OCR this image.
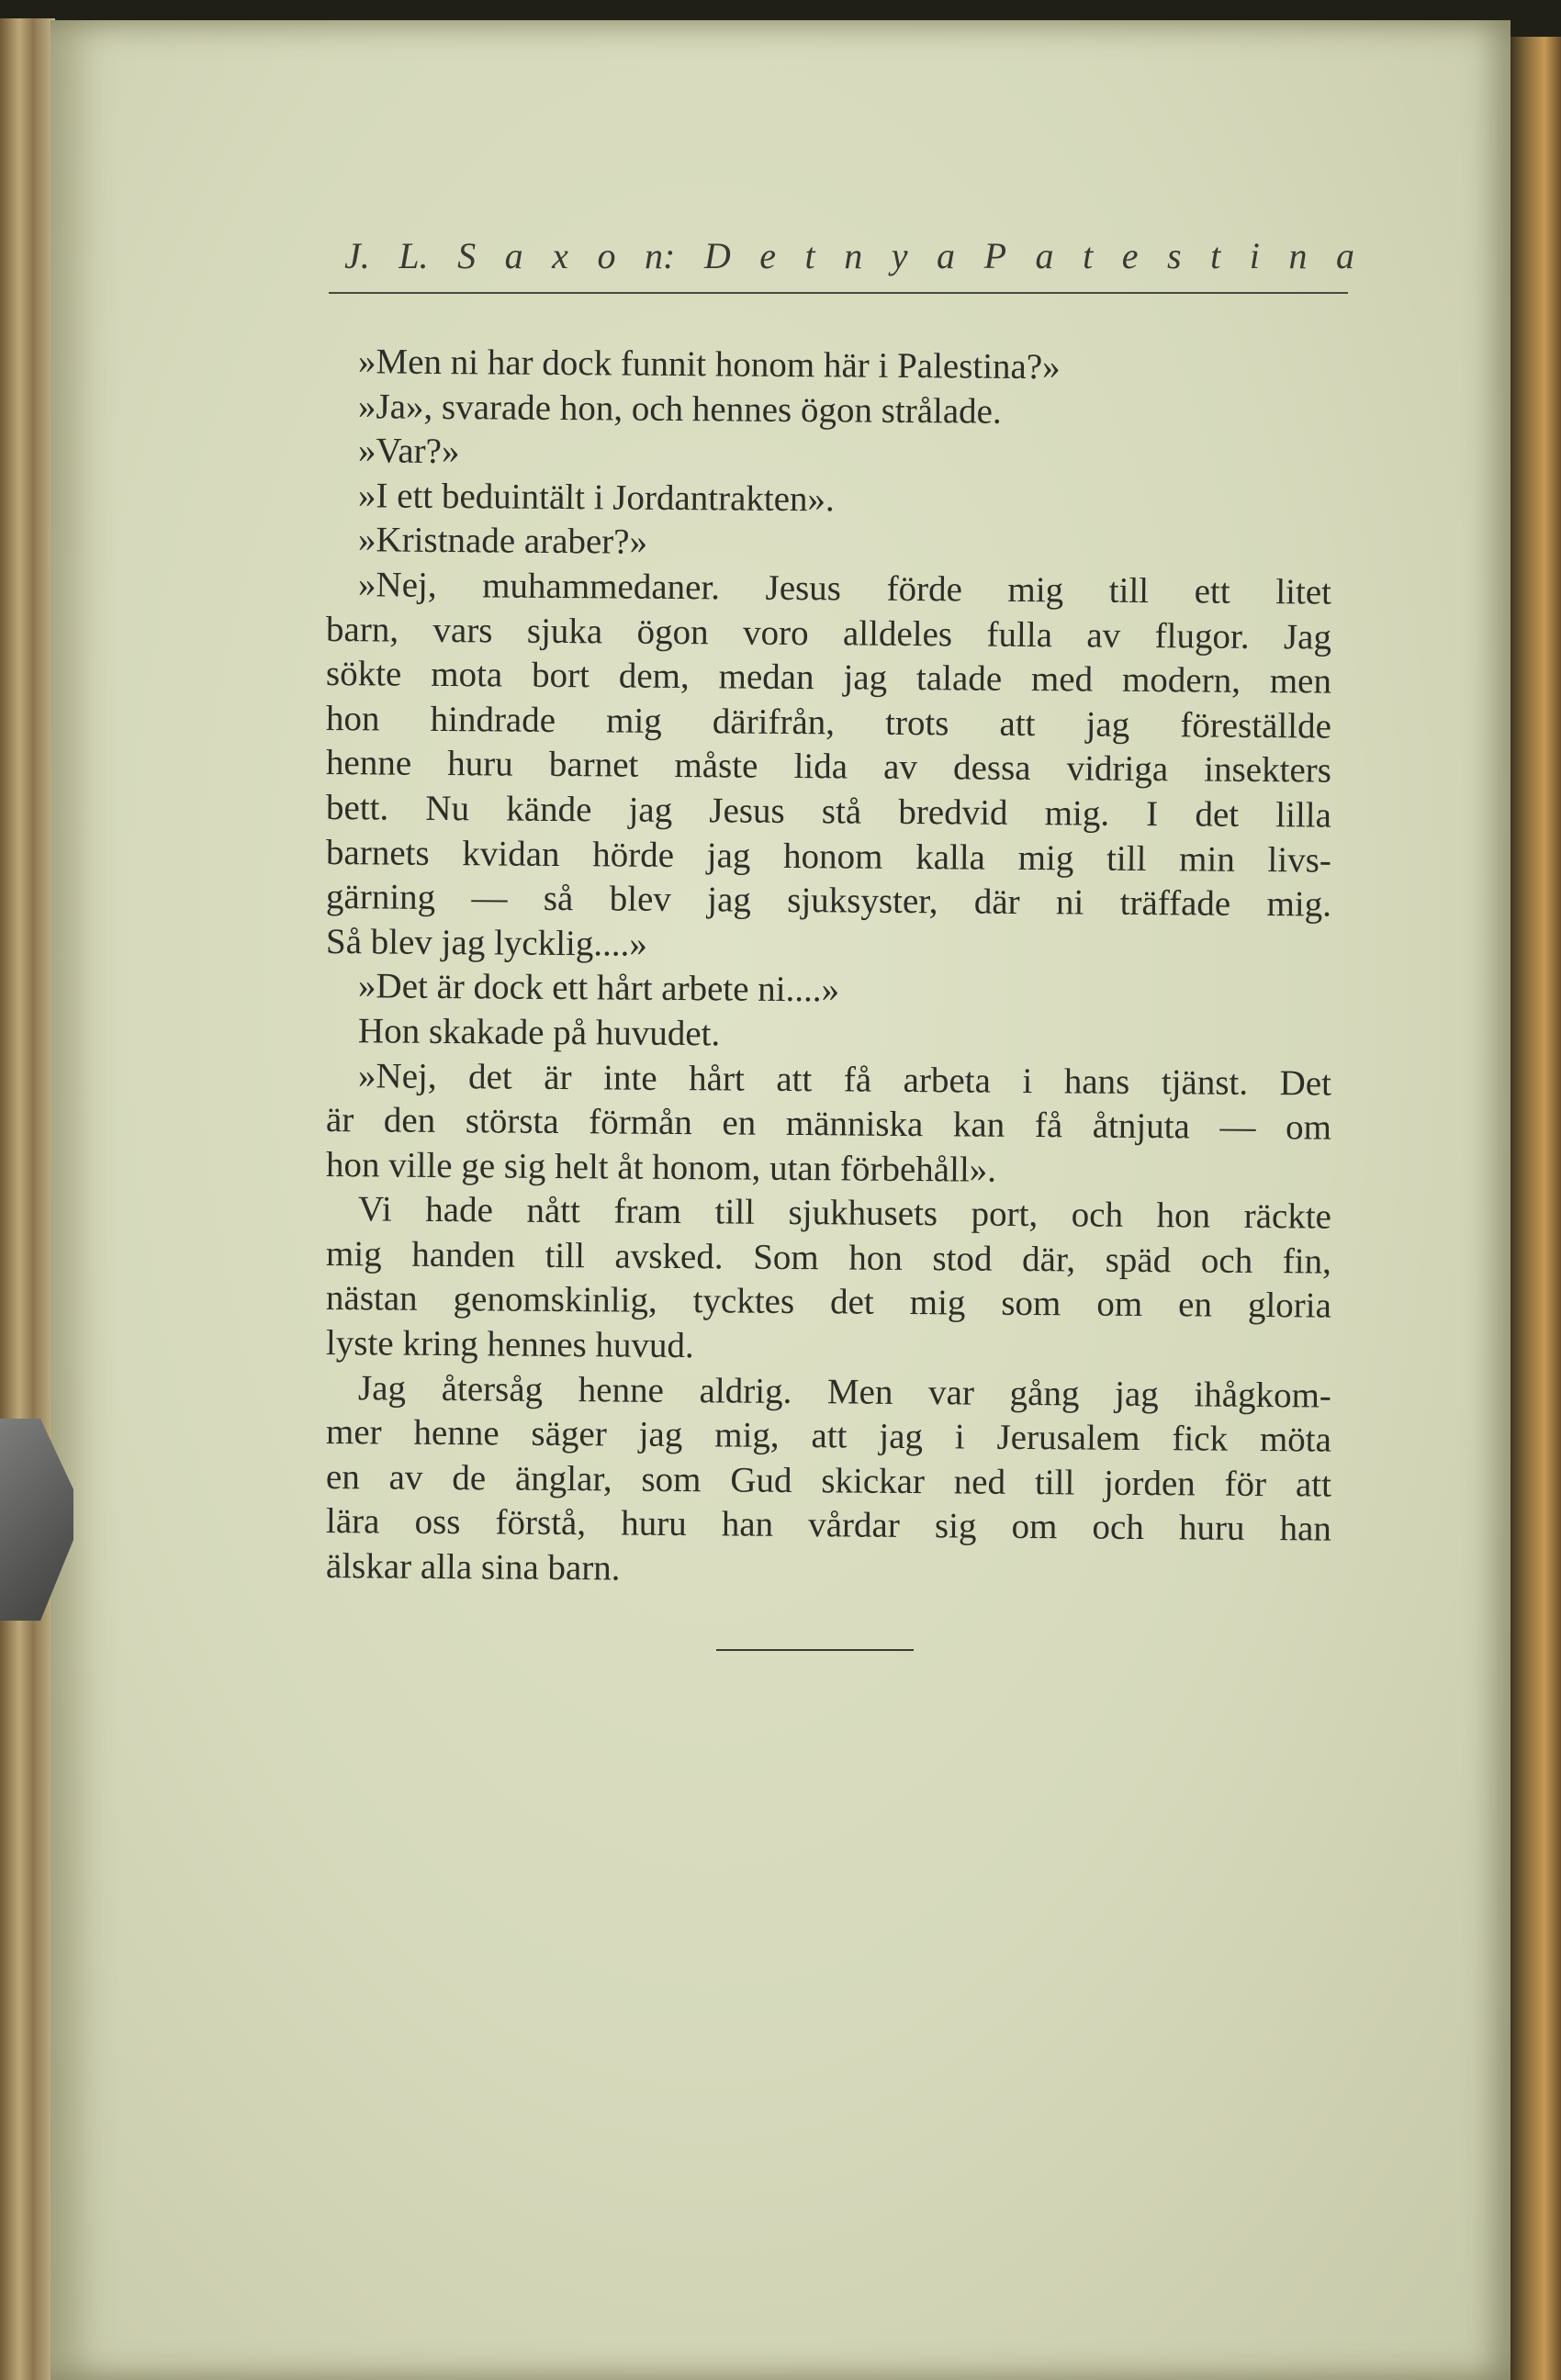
J. L. S a x o n: D e t n y a P a t e s t i n a
»Men ni har dock funnit honom här i Palestina?»
»Ja», svarade hon, och hennes ögon strålade.
»Var?»
»I ett beduintält i Jordantrakten».
»Kristnade araber?»
»Nej, muhammedaner. Jesus förde mig till ett litet
barn, vars sjuka ögon voro alldeles fulla av flugor. Jag
sökte mota bort dem, medan jag talade med modern, men
hon hindrade mig därifrån, trots att jag föreställde
henne huru barnet måste lida av dessa vidriga insekters
bett. Nu kände jag Jesus stå bredvid mig. I det lilla
barnets kvidan hörde jag honom kalla mig till min livs-
gärning — så blev jag sjuksyster, där ni träffade mig.
Så blev jag lycklig....»
»Det är dock ett hårt arbete ni....»
Hon skakade på huvudet.
»Nej, det är inte hårt att få arbeta i hans tjänst. Det
är den största förmån en människa kan få åtnjuta — om
hon ville ge sig helt åt honom, utan förbehåll».
Vi hade nått fram till sjukhusets port, och hon räckte
mig handen till avsked. Som hon stod där, späd och fin,
nästan genomskinlig, tycktes det mig som om en gloria
lyste kring hennes huvud.
Jag återsåg henne aldrig. Men var gång jag ihågkom-
mer henne säger jag mig, att jag i Jerusalem fick möta
en av de änglar, som Gud skickar ned till jorden för att
lära oss förstå, huru han vårdar sig om och huru han
älskar alla sina barn.
